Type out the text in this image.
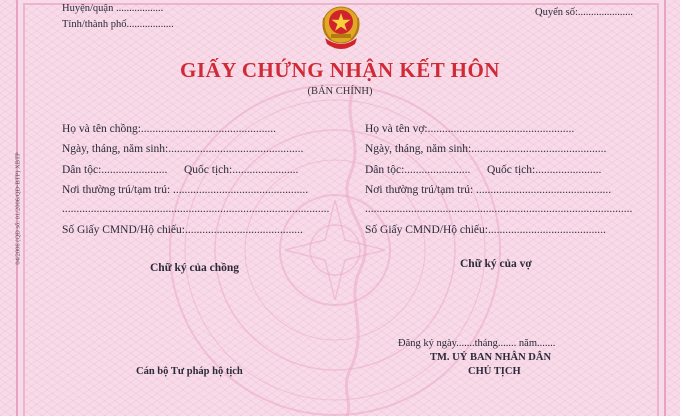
Huyện/quận ..................
Tỉnh/thành phố..................
Quyển số:.....................
GIẤY CHỨNG NHẬN KẾT HÔN
(BẢN CHÍNH)
04/2006 (QĐ số: 01/2006/QĐ-BTP) XBTP
Họ và tên chồng:...............................................
Ngày, tháng, năm sinh:...............................................
Dân tộc:....................... Quốc tịch:.......................
Nơi thường trú/tạm trú: ...............................................
.............................................................................................
Số Giấy CMND/Hộ chiếu:.........................................
Chữ ký của chồng
Họ và tên vợ:...................................................
Ngày, tháng, năm sinh:...............................................
Dân tộc:....................... Quốc tịch:.......................
Nơi thường trú/tạm trú: ...............................................
.............................................................................................
Số Giấy CMND/Hộ chiếu:.........................................
Chữ ký của vợ
Đăng ký ngày.......tháng....... năm.......
Cán bộ Tư pháp hộ tịch
TM. UỶ BAN NHÂN DÂN
CHỦ TỊCH
